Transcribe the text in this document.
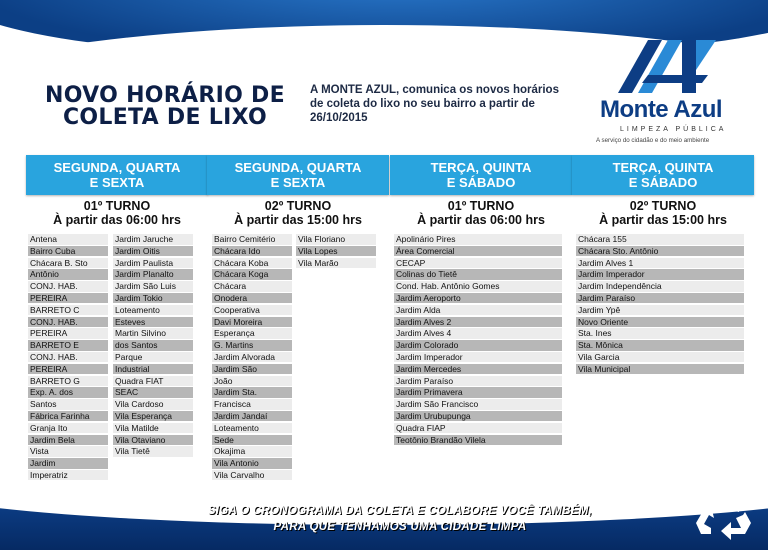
NOVO HORÁRIO DE
COLETA DE LIXO
A MONTE AZUL, comunica os novos horários de coleta do lixo no seu bairro a partir de 26/10/2015	Monte Azul
LIMPEZA PÚBLICA
A serviço do cidadão e do meio ambiente
SEGUNDA, QUARTA
E SEXTA
01º TURNO
À partir das 06:00 hrs
Antena
Bairro Cuba
Chácara B. Sto
Antônio
CONJ. HAB.
PEREIRA
BARRETO C
CONJ. HAB.
PEREIRA
BARRETO E
CONJ. HAB.
PEREIRA
BARRETO G
Exp. A. dos
Santos
Fábrica Farinha
Granja Ito
Jardim Bela
Vista
Jardim
Imperatriz
Jardim Jaruche
Jardim Oitis
Jardim Paulista
Jardim Planalto
Jardim São Luis
Jardim Tokio
Loteamento
Esteves
Martin Silvino
dos Santos
Parque
Industrial
Quadra FIAT
SEAC
Vila Cardoso
Vila Esperança
Vila Matilde
Vila Otaviano
Vila Tietê
SEGUNDA, QUARTA
E SEXTA
02º TURNO
À partir das 15:00 hrs
Bairro Cemitério
Chácara Ido
Chácara Koba
Chácara Koga
Chácara
Onodera
Cooperativa
Davi Moreira
Esperança
G. Martins
Jardim Alvorada
Jardim São
João
Jardim Sta.
Francisca
Jardim Jandaí
Loteamento
Sede
Okajima
Vila Antonio
Vila Carvalho
Vila Floriano
Vila Lopes
Vila Marão
TERÇA, QUINTA
E SÁBADO
01º TURNO
À partir das 06:00 hrs
Apolinário Pires
Área Comercial
CECAP
Colinas do Tietê
Cond. Hab. Antônio Gomes
Jardim Aeroporto
Jardim Alda
Jardim Alves 2
Jardim Alves 4
Jardim Colorado
Jardim Imperador
Jardim Mercedes
Jardim Paraíso
Jardim Primavera
Jardim São Francisco
Jardim Urubupunga
Quadra FIAP
Teotônio Brandão Vilela
TERÇA, QUINTA
E SÁBADO
02º TURNO
À partir das 15:00 hrs
Chácara 155
Chácara Sto. Antônio
Jardim Alves 1
Jardim Imperador
Jardim Independência
Jardim Paraíso
Jardim Ypê
Novo Oriente
Sta. Ines
Sta. Mônica
Vila Garcia
Vila Municipal
SIGA O CRONOGRAMA DA COLETA E COLABORE VOCÊ TAMBÉM,
PARA QUE TENHAMOS UMA CIDADE LIMPA
